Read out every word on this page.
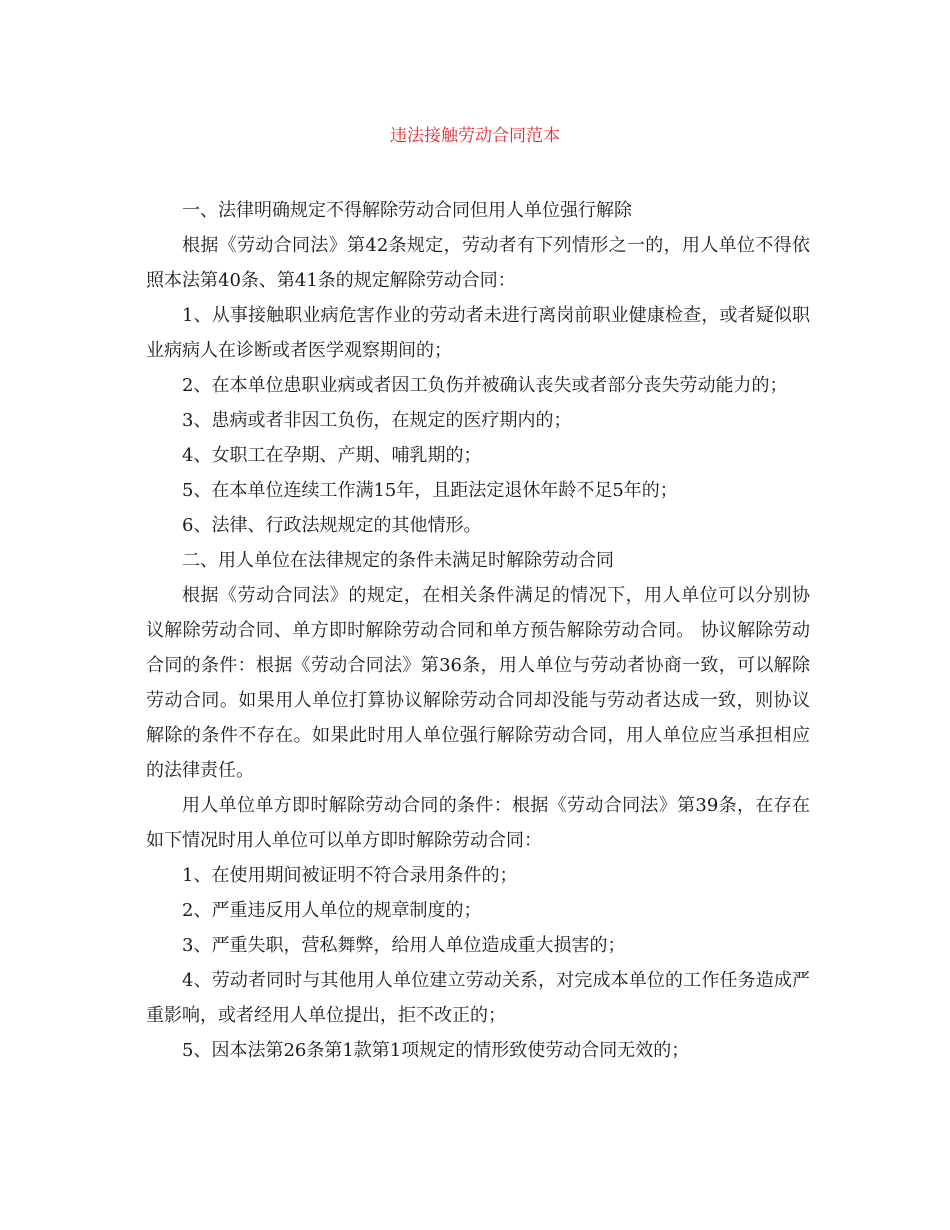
违法接触劳动合同范本

一、法律明确规定不得解除劳动合同但用人单位强行解除

根据《劳动合同法》第42条规定，劳动者有下列情形之一的，用人单位不得依照本法第40条、第41条的规定解除劳动合同：

1、从事接触职业病危害作业的劳动者未进行离岗前职业健康检查，或者疑似职业病病人在诊断或者医学观察期间的；

2、在本单位患职业病或者因工负伤并被确认丧失或者部分丧失劳动能力的；

3、患病或者非因工负伤，在规定的医疗期内的；

4、女职工在孕期、产期、哺乳期的；

5、在本单位连续工作满15年，且距法定退休年龄不足5年的；

6、法律、行政法规规定的其他情形。

二、用人单位在法律规定的条件未满足时解除劳动合同

根据《劳动合同法》的规定，在相关条件满足的情况下，用人单位可以分别协议解除劳动合同、单方即时解除劳动合同和单方预告解除劳动合同。 协议解除劳动合同的条件：根据《劳动合同法》第36条，用人单位与劳动者协商一致，可以解除劳动合同。如果用人单位打算协议解除劳动合同却没能与劳动者达成一致，则协议解除的条件不存在。如果此时用人单位强行解除劳动合同，用人单位应当承担相应的法律责任。

用人单位单方即时解除劳动合同的条件：根据《劳动合同法》第39条，在存在如下情况时用人单位可以单方即时解除劳动合同：

1、在使用期间被证明不符合录用条件的；

2、严重违反用人单位的规章制度的；

3、严重失职，营私舞弊，给用人单位造成重大损害的；

4、劳动者同时与其他用人单位建立劳动关系，对完成本单位的工作任务造成严重影响，或者经用人单位提出，拒不改正的；

5、因本法第26条第1款第1项规定的情形致使劳动合同无效的；
